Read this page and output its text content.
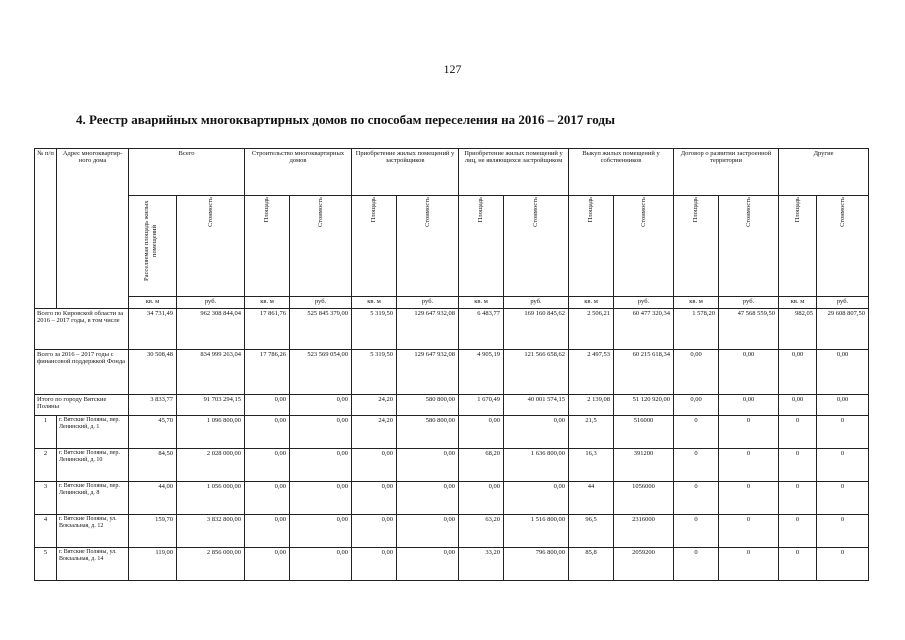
127
4. Реестр аварийных многоквартирных домов по способам переселения на 2016 – 2017 годы
№ п/п	Адрес многоквартир-ного дома	Всего		Строительство многоквартирных домов		Приобретение жилых помещений у застройщиков		Приобретение жилых помещений у лиц, не являющихся застройщиком		Выкуп жилых помещений у собственников		Договор о развитии застроенной территории		Другие	

		Расселяемая площадь жилых помещений	Стоимость	Площадь	Стоимость	Площадь	Стоимость	Площадь	Стоимость	Площадь	Стоимость	Площадь	Стоимость	Площадь	Стоимость

		кв. м	руб.	кв. м	руб.	кв. м	руб.	кв. м	руб.	кв. м	руб.	кв. м	руб.	кв. м	руб.
Всего по Кировской области за 2016 – 2017 годы, в том числе		34 731,49	962 308 844,04	17 861,76	525 845 379,00	5 319,50	129 647 932,08	6 483,77	169 160 845,62	2 506,21	60 477 320,34	1 578,20	47 568 559,50	982,05	29 608 807,50
Всего за 2016 – 2017 годы с финансовой поддержкой Фонда		30 508,48	834 999 263,04	17 786,26	523 569 054,00	5 319,50	129 647 932,08	4 905,19	121 566 658,62	2 497,53	60 215 618,34	0,00	0,00	0,00	0,00
Итого по городу Вятские Поляны		3 833,77	91 703 294,15	0,00	0,00	24,20	580 800,00	1 670,49	40 001 574,15	2 139,08	51 120 920,00	0,00	0,00	0,00	0,00
1	г. Вятские Поляны, пер. Ленинский, д. 1	45,70	1 096 800,00	0,00	0,00	24,20	580 800,00	0,00	0,00	21,5	516000	0	0	0	0
2	г. Вятские Поляны, пер. Ленинский, д. 10	84,50	2 028 000,00	0,00	0,00	0,00	0,00	68,20	1 636 800,00	16,3	391200	0	0	0	0
3	г. Вятские Поляны, пер. Ленинский, д. 8	44,00	1 056 000,00	0,00	0,00	0,00	0,00	0,00	0,00	44	1056000	0	0	0	0
4	г. Вятские Поляны, ул. Вокзальная, д. 12	159,70	3 832 800,00	0,00	0,00	0,00	0,00	63,20	1 516 800,00	96,5	2316000	0	0	0	0
5	г. Вятские Поляны, ул. Вокзальная, д. 14	119,00	2 856 000,00	0,00	0,00	0,00	0,00	33,20	796 800,00	85,8	2059200	0	0	0	0
